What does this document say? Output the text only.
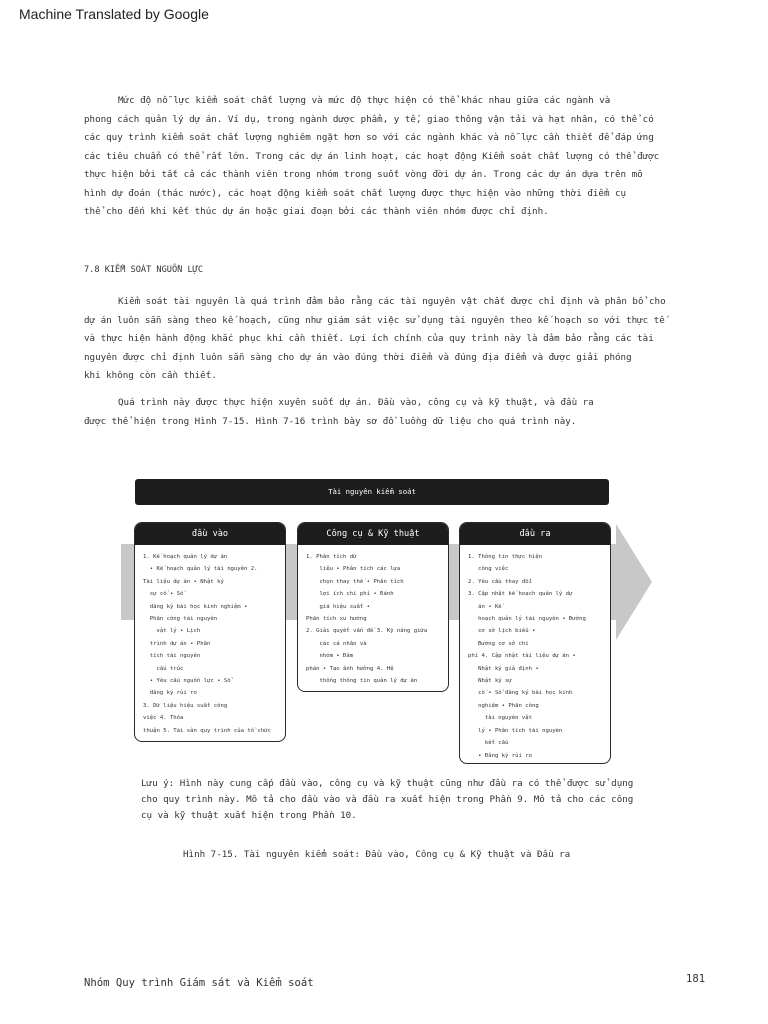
Machine Translated by Google
Mức độ nỗ lực kiểm soát chất lượng và mức độ thực hiện có thể khác nhau giữa các ngành và
phong cách quản lý dự án. Ví dụ, trong ngành dược phẩm, y tế, giao thông vận tải và hạt nhân, có thể có
các quy trình kiểm soát chất lượng nghiêm ngặt hơn so với các ngành khác và nỗ lực cần thiết để đáp ứng
các tiêu chuẩn có thể rất lớn. Trong các dự án linh hoạt, các hoạt động Kiểm soát chất lượng có thể được
thực hiện bởi tất cả các thành viên trong nhóm trong suốt vòng đời dự án. Trong các dự án dựa trên mô
hình dự đoán (thác nước), các hoạt động kiểm soát chất lượng được thực hiện vào những thời điểm cụ
thể cho đến khi kết thúc dự án hoặc giai đoạn bởi các thành viên nhóm được chỉ định.
7.8 KIỂM SOÁT NGUỒN LỰC
Kiểm soát tài nguyên là quá trình đảm bảo rằng các tài nguyên vật chất được chỉ định và phân bổ cho
dự án luôn sẵn sàng theo kế hoạch, cũng như giám sát việc sử dụng tài nguyên theo kế hoạch so với thực tế
và thực hiện hành động khắc phục khi cần thiết. Lợi ích chính của quy trình này là đảm bảo rằng các tài
nguyên được chỉ định luôn sẵn sàng cho dự án vào đúng thời điểm và đúng địa điểm và được giải phóng
khi không còn cần thiết.
Quá trình này được thực hiện xuyên suốt dự án. Đầu vào, công cụ và kỹ thuật, và đầu ra
được thể hiện trong Hình 7-15. Hình 7-16 trình bày sơ đồ luồng dữ liệu cho quá trình này.
Tài nguyên kiểm soát
đầu vào
1. Kế hoạch quản lý dự án
• Kế hoạch quản lý tài nguyên 2.
Tài liệu dự án • Nhật ký
sự cố • Sổ
đăng ký bài học kinh nghiệm •
Phân công tài nguyên
vật lý • Lịch
trình dự án • Phân
tích tài nguyên
cấu trúc
• Yêu cầu nguồn lực • Sổ
đăng ký rủi ro
3. Dữ liệu hiệu suất công
việc 4. Thỏa
thuận 5. Tài sản quy trình của tổ chức
Công cụ & Kỹ thuật
1. Phân tích dữ
liệu • Phân tích các lựa
chọn thay thế • Phân tích
lợi ích chi phí • Đánh
giá hiệu suất •
Phân tích xu hướng
2. Giải quyết vấn đề 3. Kỹ năng giữa
các cá nhân và
nhóm • Đàm
phán • Tạo ảnh hưởng 4. Hệ
thống thông tin quản lý dự án
đầu ra
1. Thông tin thực hiện
công việc
2. Yêu cầu thay đổi
3. Cập nhật kế hoạch quản lý dự
án • Kế
hoạch quản lý tài nguyên • Đường
cơ sở lịch biểu •
Đường cơ sở chi
phí 4. Cập nhật tài liệu dự án •
Nhật ký giả định •
Nhật ký sự
cố • Sổ đăng ký bài học kinh
nghiệm • Phân công
tài nguyên vật
lý • Phân tích tài nguyên
kết cấu
• Đăng ký rủi ro
Lưu ý: Hình này cung cấp đầu vào, công cụ và kỹ thuật cũng như đầu ra có thể được sử dụng
cho quy trình này. Mô tả cho đầu vào và đầu ra xuất hiện trong Phần 9. Mô tả cho các công
cụ và kỹ thuật xuất hiện trong Phần 10.
Hình 7-15. Tài nguyên kiểm soát: Đầu vào, Công cụ & Kỹ thuật và Đầu ra
Nhóm Quy trình Giám sát và Kiểm soát	181
